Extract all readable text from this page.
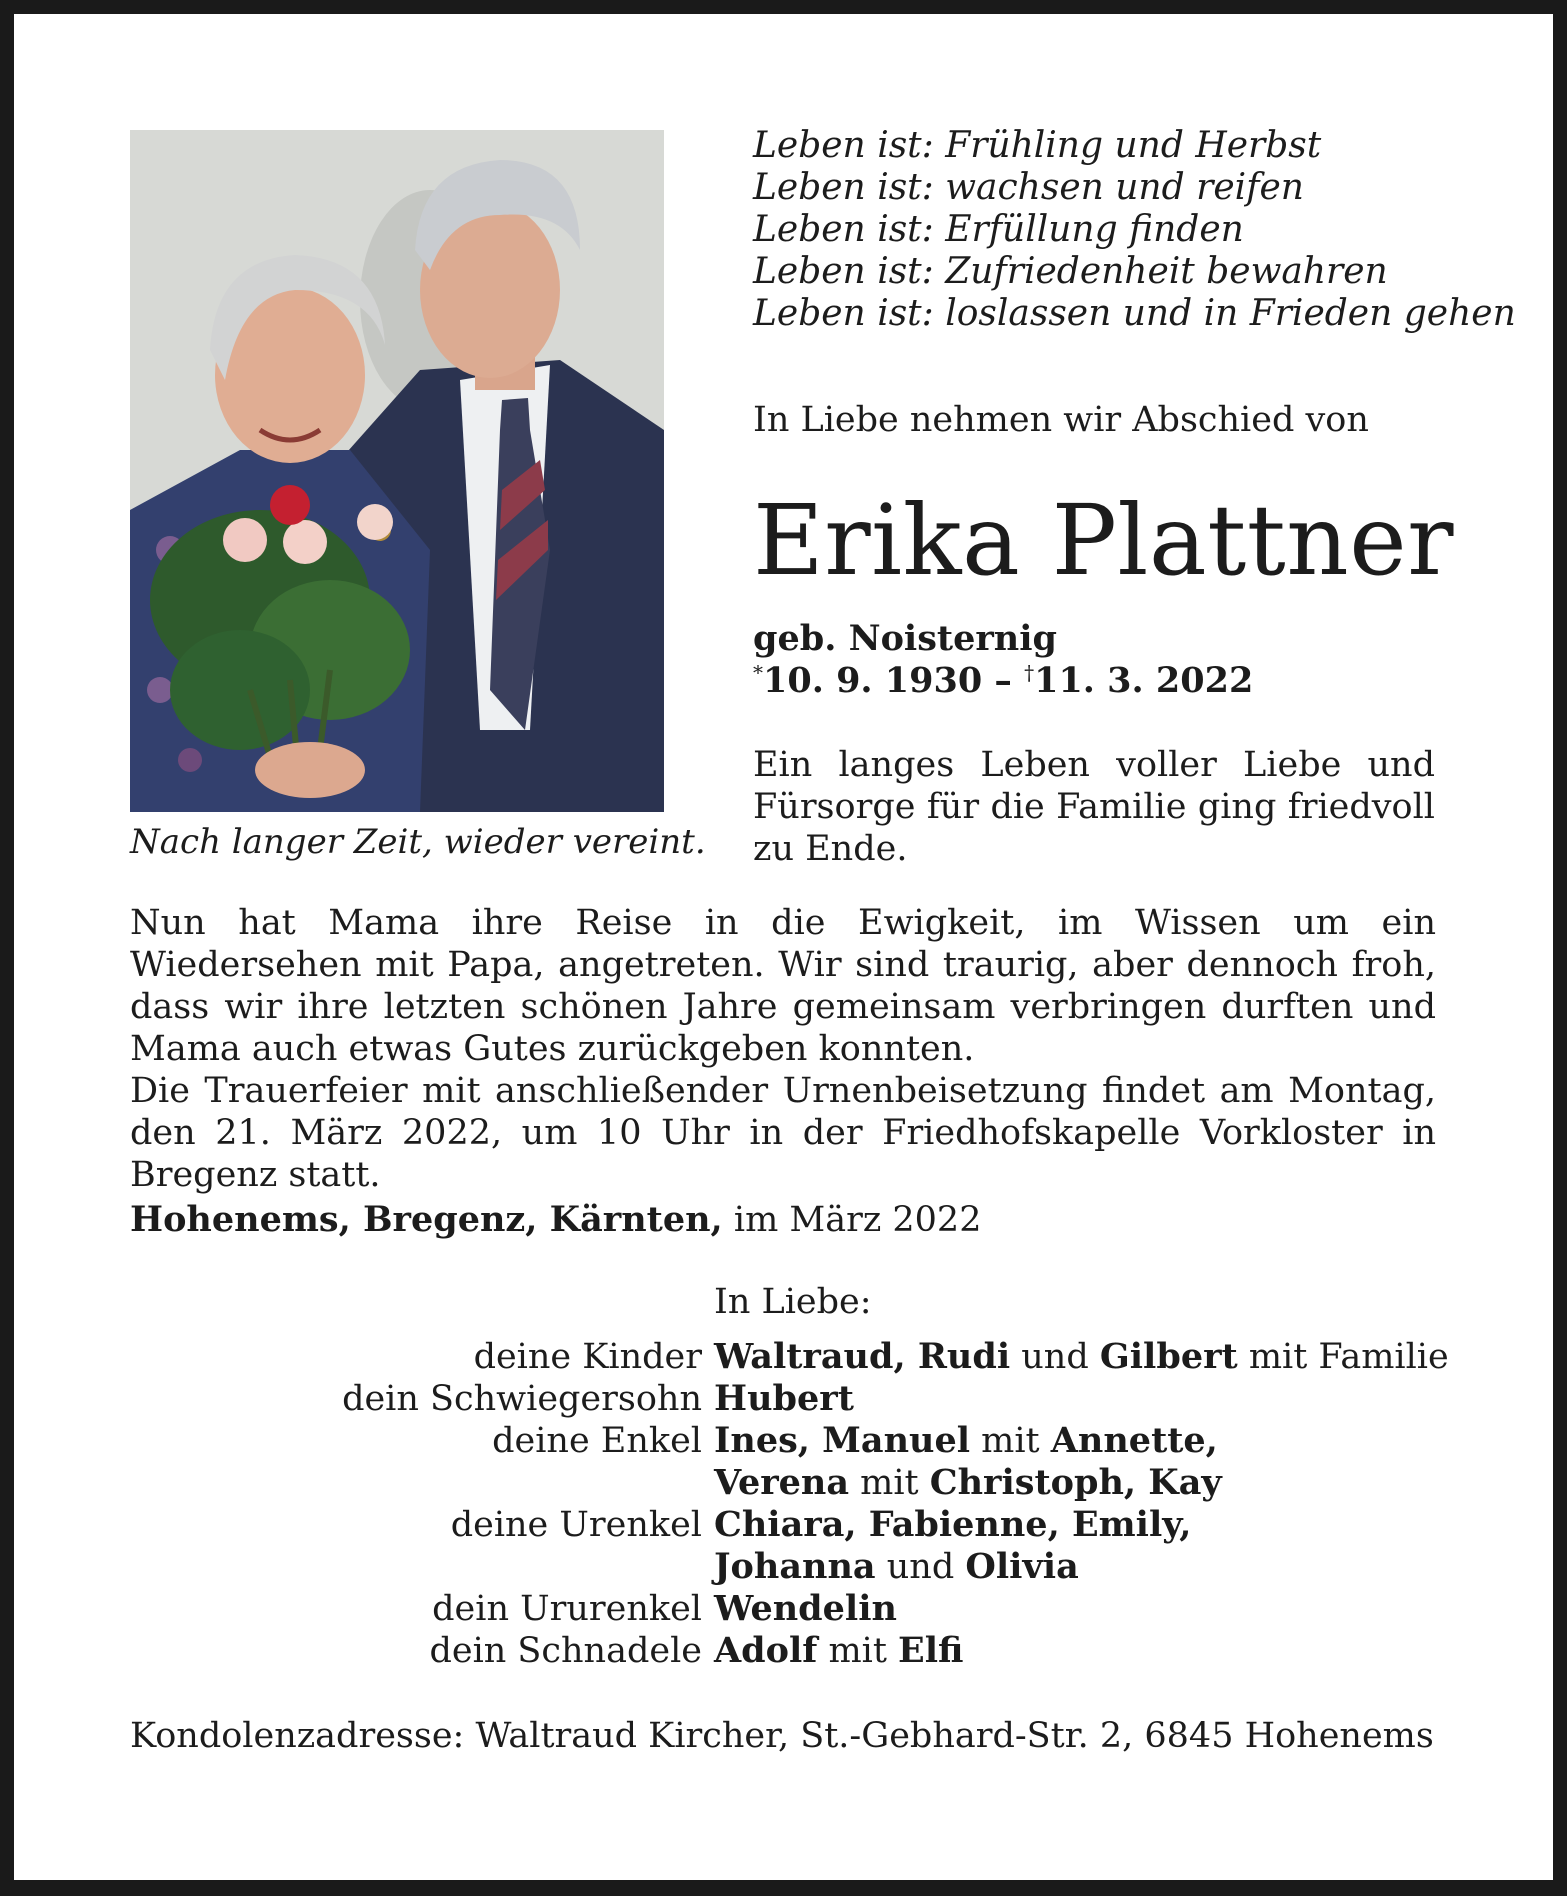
Nach langer Zeit, wieder vereint.
Leben ist: Frühling und Herbst
Leben ist: wachsen und reifen
Leben ist: Erfüllung finden
Leben ist: Zufriedenheit bewahren
Leben ist: loslassen und in Frieden gehen
In Liebe nehmen wir Abschied von
Erika Plattner
geb. Noisternig
*10. 9. 1930 – †11. 3. 2022
Ein langes Leben voller Liebe und Fürsorge für die Familie ging friedvoll zu Ende.
Nun hat Mama ihre Reise in die Ewigkeit, im Wissen um ein Wiedersehen mit Papa, angetreten. Wir sind traurig, aber dennoch froh, dass wir ihre letzten schönen Jahre gemeinsam verbringen durften und Mama auch etwas Gutes zurückgeben konnten.
Die Trauerfeier mit anschließender Urnenbeisetzung findet am Montag, den 21. März 2022, um 10 Uhr in der Friedhofskapelle Vorkloster in Bregenz statt.
Hohenems, Bregenz, Kärnten, im März 2022
In Liebe:
deine Kinder Waltraud, Rudi und Gilbert mit Familie
dein Schwiegersohn Hubert
deine Enkel Ines, Manuel mit Annette,
Verena mit Christoph, Kay
deine Urenkel Chiara, Fabienne, Emily,
Johanna und Olivia
dein Ururenkel Wendelin
dein Schnadele Adolf mit Elfi
Kondolenzadresse: Waltraud Kircher, St.-Gebhard-Str. 2, 6845 Hohenems
